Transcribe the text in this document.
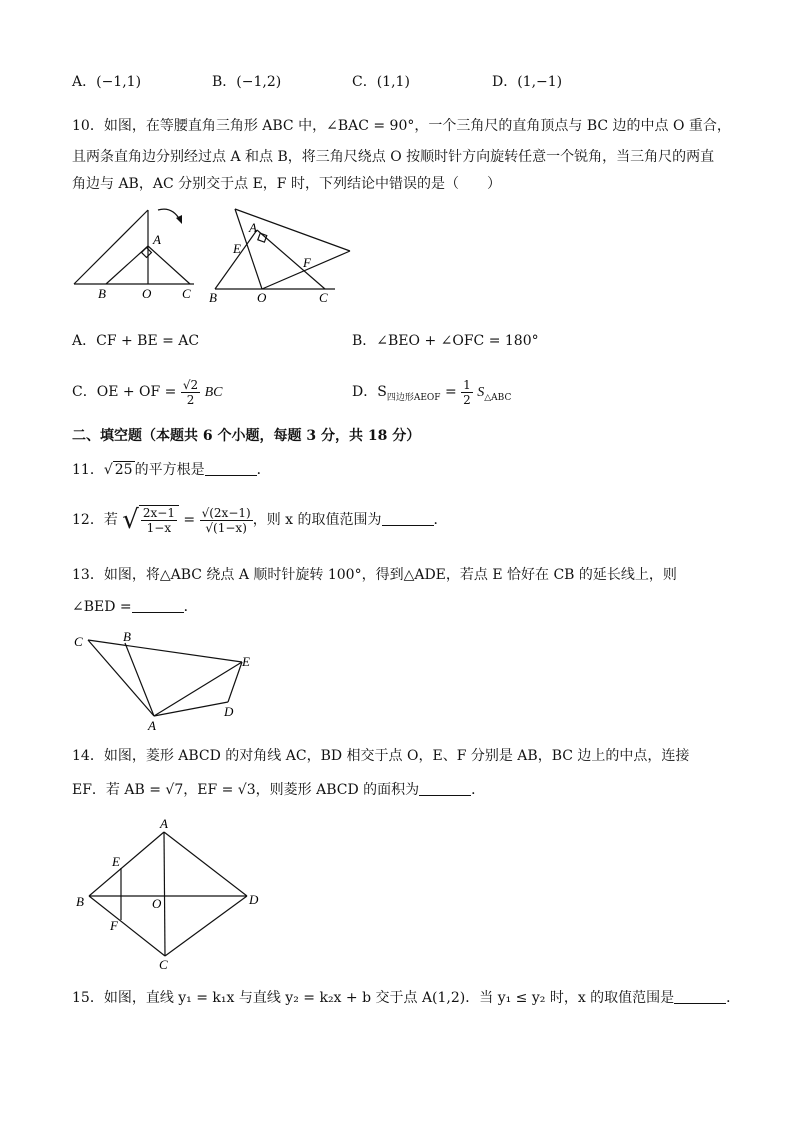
A．(−1,1)	B．(−1,2)	C．(1,1)	D．(1,−1)
10．如图，在等腰直角三角形 ABC 中，∠BAC = 90°，一个三角尺的直角顶点与 BC 边的中点 O 重合，
且两条直角边分别经过点 A 和点 B，将三角尺绕点 O 按顺时针方向旋转任意一个锐角，当三角尺的两直
角边与 AB，AC 分别交于点 E，F 时，下列结论中错误的是（　　）
A
B	O C
A
E
F
B	O	C
A．CF + BE = AC	B．∠BEO + ∠OFC = 180°
C．OE + OF = $\frac{√2}{2}$ BC	D．$S_{四边形AEOF} = \frac{1}{2} S_{\triangle ABC}$
二、填空题（本题共 6 个小题，每题 3 分，共 18 分）
11．√ 25 的平方根是	．
12．若 √ $\frac{2x-1}{1-x} = \frac{√(2x-1)}{√(1-x)}$ ，则 x 的取值范围为	．
13．如图，将△ABC 绕点 A 顺时针旋转 100°，得到△ADE，若点 E 恰好在 CB 的延长线上，则
∠BED =	．
C	B
E
D
A
14．如图，菱形 ABCD 的对角线 AC，BD 相交于点 O，E、F 分别是 AB，BC 边上的中点，连接
EF．若 AB = √7，EF = √3，则菱形 ABCD 的面积为	．
A
E
B	O	D
F
C
15．如图，直线 y₁ = k₁x 与直线 y₂ = k₂x + b 交于点 A(1,2)．当 y₁ ≤ y₂ 时，x 的取值范围是	．
